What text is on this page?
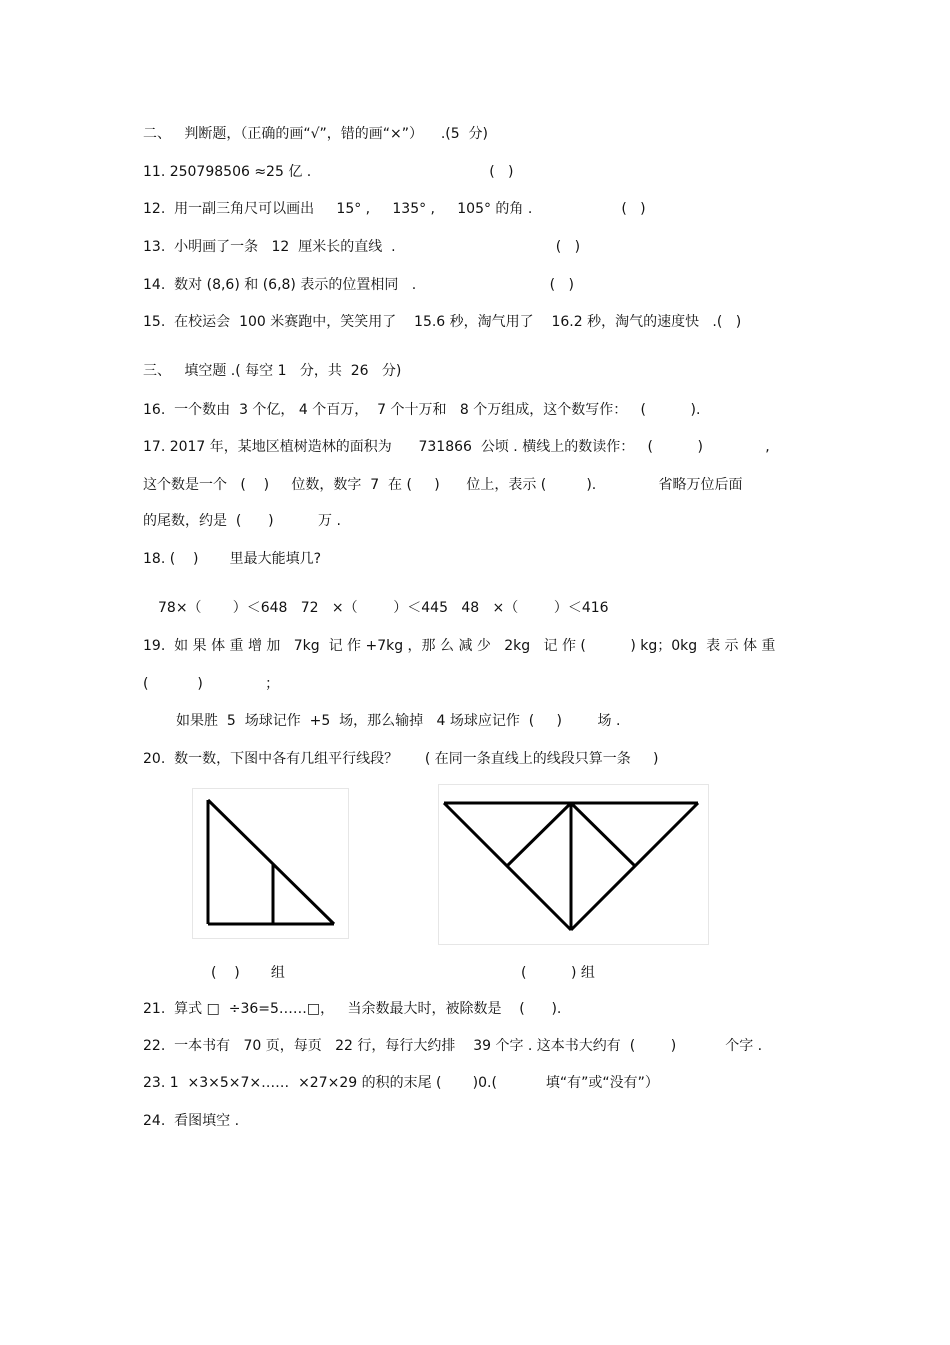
二、   判断题，（正确的画“√”，错的画“×”）    .(5  分)
11. 250798506 ≈25 亿 .                                        (   )
12.  用一副三角尺可以画出     15° ,     135° ,     105° 的角 .                    (   )
13.  小明画了一条   12  厘米长的直线  .                                    (   )
14.  数对 (8,6) 和 (6,8) 表示的位置相同   .                              (   )
15.  在校运会  100 米赛跑中，笑笑用了    15.6 秒，淘气用了    16.2 秒，淘气的速度快   .(   )
三、   填空题 .( 每空 1   分，共  26   分)
16.  一个数由  3 个亿， 4 个百万，  7 个十万和   8 个万组成，这个数写作：   (          ).
17. 2017 年，某地区植树造林的面积为      731866  公顷 . 横线上的数读作：   (          )              ,
这个数是一个   (    )     位数，数字  7  在 (     )      位上，表示 (         ).              省略万位后面
的尾数，约是  (      )          万 .
18. (    )       里最大能填几?
78×（       ）＜648   72   ×（        ）＜445   48   ×（        ）＜416
19.  如 果 体 重 增 加   7kg  记 作 +7kg ，那 么 减 少   2kg   记 作 (          ) kg；0kg  表 示 体 重
(           )              ；
如果胜  5  场球记作  +5  场，那么输掉   4 场球应记作  (     )        场 .
20.  数一数，下图中各有几组平行线段？      ( 在同一条直线上的线段只算一条     )
(    )       组	(          ) 组
21.  算式 □  ÷36=5……□，   当余数最大时，被除数是    (      ).
22.  一本书有   70 页，每页   22 行，每行大约排    39 个字 . 这本书大约有  (        )           个字 .
23. 1  ×3×5×7×……  ×27×29 的积的末尾 (       )0.(           填“有”或“没有”）
24.  看图填空 .
